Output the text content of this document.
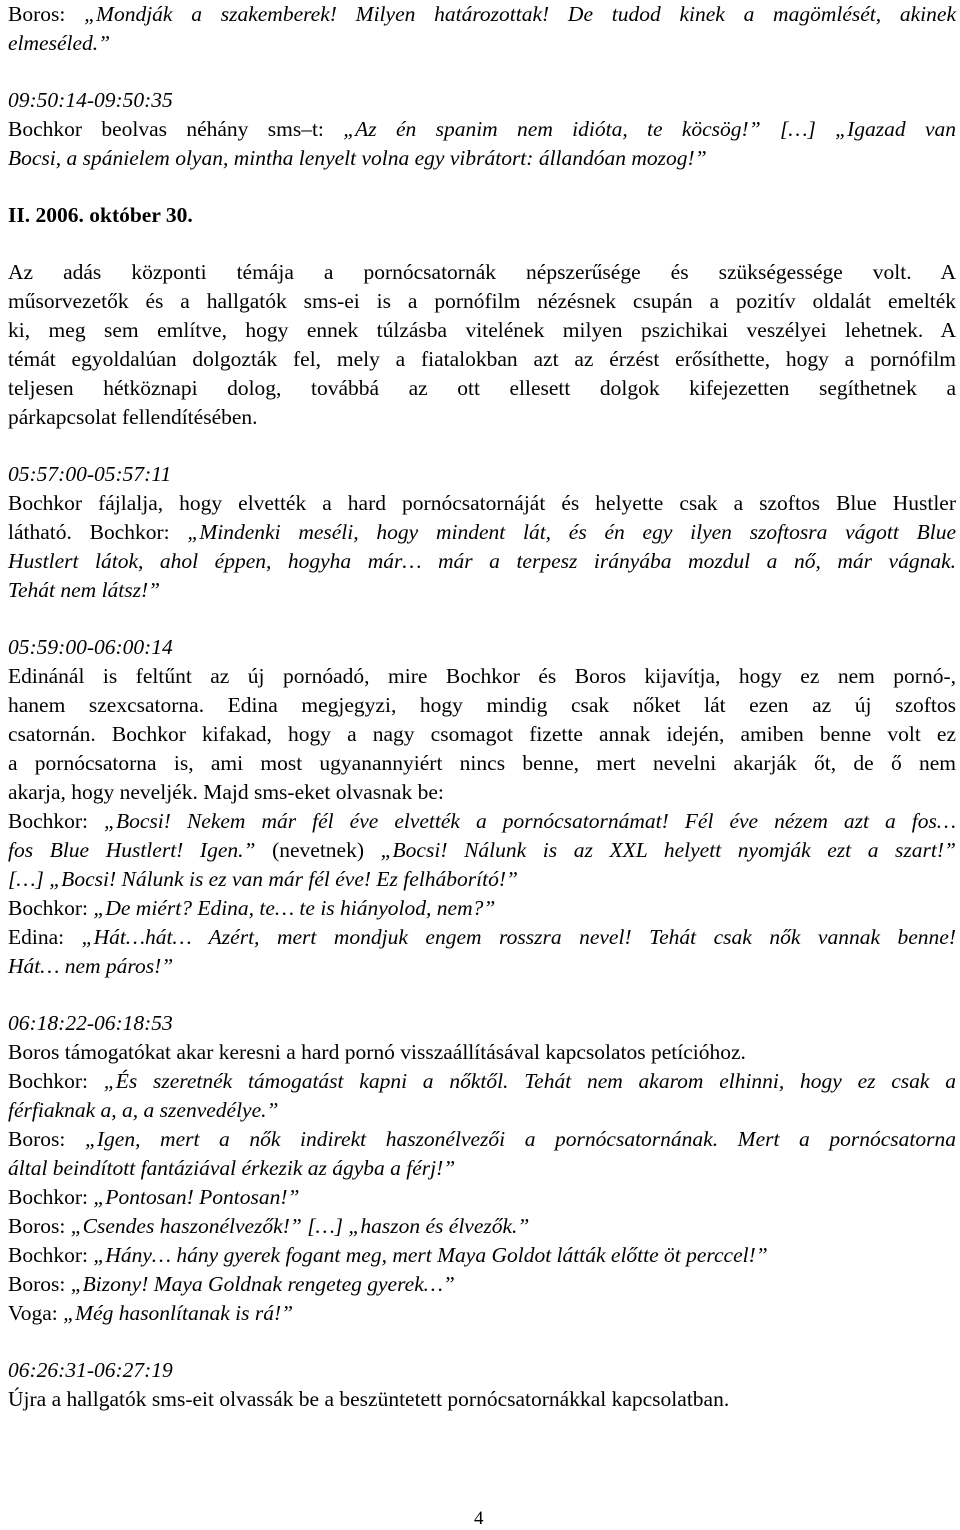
Boros: „Mondják a szakemberek! Milyen határozottak! De tudod kinek a magömlését, akinek
elmeséled.”
09:50:14-09:50:35
Bochkor beolvas néhány sms–t: „Az én spanim nem idióta, te köcsög!” […] „Igazad van
Bocsi, a spánielem olyan, mintha lenyelt volna egy vibrátort: állandóan mozog!”
II. 2006. október 30.
Az adás központi témája a pornócsatornák népszerűsége és szükségessége volt. A
műsorvezetők és a hallgatók sms-ei is a pornófilm nézésnek csupán a pozitív oldalát emelték
ki, meg sem említve, hogy ennek túlzásba vitelének milyen pszichikai veszélyei lehetnek. A
témát egyoldalúan dolgozták fel, mely a fiatalokban azt az érzést erősíthette, hogy a pornófilm
teljesen hétköznapi dolog, továbbá az ott ellesett dolgok kifejezetten segíthetnek a
párkapcsolat fellendítésében.
05:57:00-05:57:11
Bochkor fájlalja, hogy elvették a hard pornócsatornáját és helyette csak a szoftos Blue Hustler
látható. Bochkor: „Mindenki meséli, hogy mindent lát, és én egy ilyen szoftosra vágott Blue
Hustlert látok, ahol éppen, hogyha már… már a terpesz irányába mozdul a nő, már vágnak.
Tehát nem látsz!”
05:59:00-06:00:14
Edinánál is feltűnt az új pornóadó, mire Bochkor és Boros kijavítja, hogy ez nem pornó-,
hanem szexcsatorna. Edina megjegyzi, hogy mindig csak nőket lát ezen az új szoftos
csatornán. Bochkor kifakad, hogy a nagy csomagot fizette annak idején, amiben benne volt ez
a pornócsatorna is, ami most ugyanannyiért nincs benne, mert nevelni akarják őt, de ő nem
akarja, hogy neveljék. Majd sms-eket olvasnak be:
Bochkor: „Bocsi! Nekem már fél éve elvették a pornócsatornámat! Fél éve nézem azt a fos…
fos Blue Hustlert! Igen.” (nevetnek) „Bocsi! Nálunk is az XXL helyett nyomják ezt a szart!”
[…] „Bocsi! Nálunk is ez van már fél éve! Ez felháborító!”
Bochkor: „De miért? Edina, te… te is hiányolod, nem?”
Edina: „Hát…hát… Azért, mert mondjuk engem rosszra nevel! Tehát csak nők vannak benne!
Hát… nem páros!”
06:18:22-06:18:53
Boros támogatókat akar keresni a hard pornó visszaállításával kapcsolatos petícióhoz.
Bochkor: „És szeretnék támogatást kapni a nőktől. Tehát nem akarom elhinni, hogy ez csak a
férfiaknak a, a, a szenvedélye.”
Boros: „Igen, mert a nők indirekt haszonélvezői a pornócsatornának. Mert a pornócsatorna
által beindított fantáziával érkezik az ágyba a férj!”
Bochkor: „Pontosan! Pontosan!”
Boros: „Csendes haszonélvezők!” […] „haszon és élvezők.”
Bochkor: „Hány… hány gyerek fogant meg, mert Maya Goldot látták előtte öt perccel!”
Boros: „Bizony! Maya Goldnak rengeteg gyerek…”
Voga: „Még hasonlítanak is rá!”
06:26:31-06:27:19
Újra a hallgatók sms-eit olvassák be a beszüntetett pornócsatornákkal kapcsolatban.
4
